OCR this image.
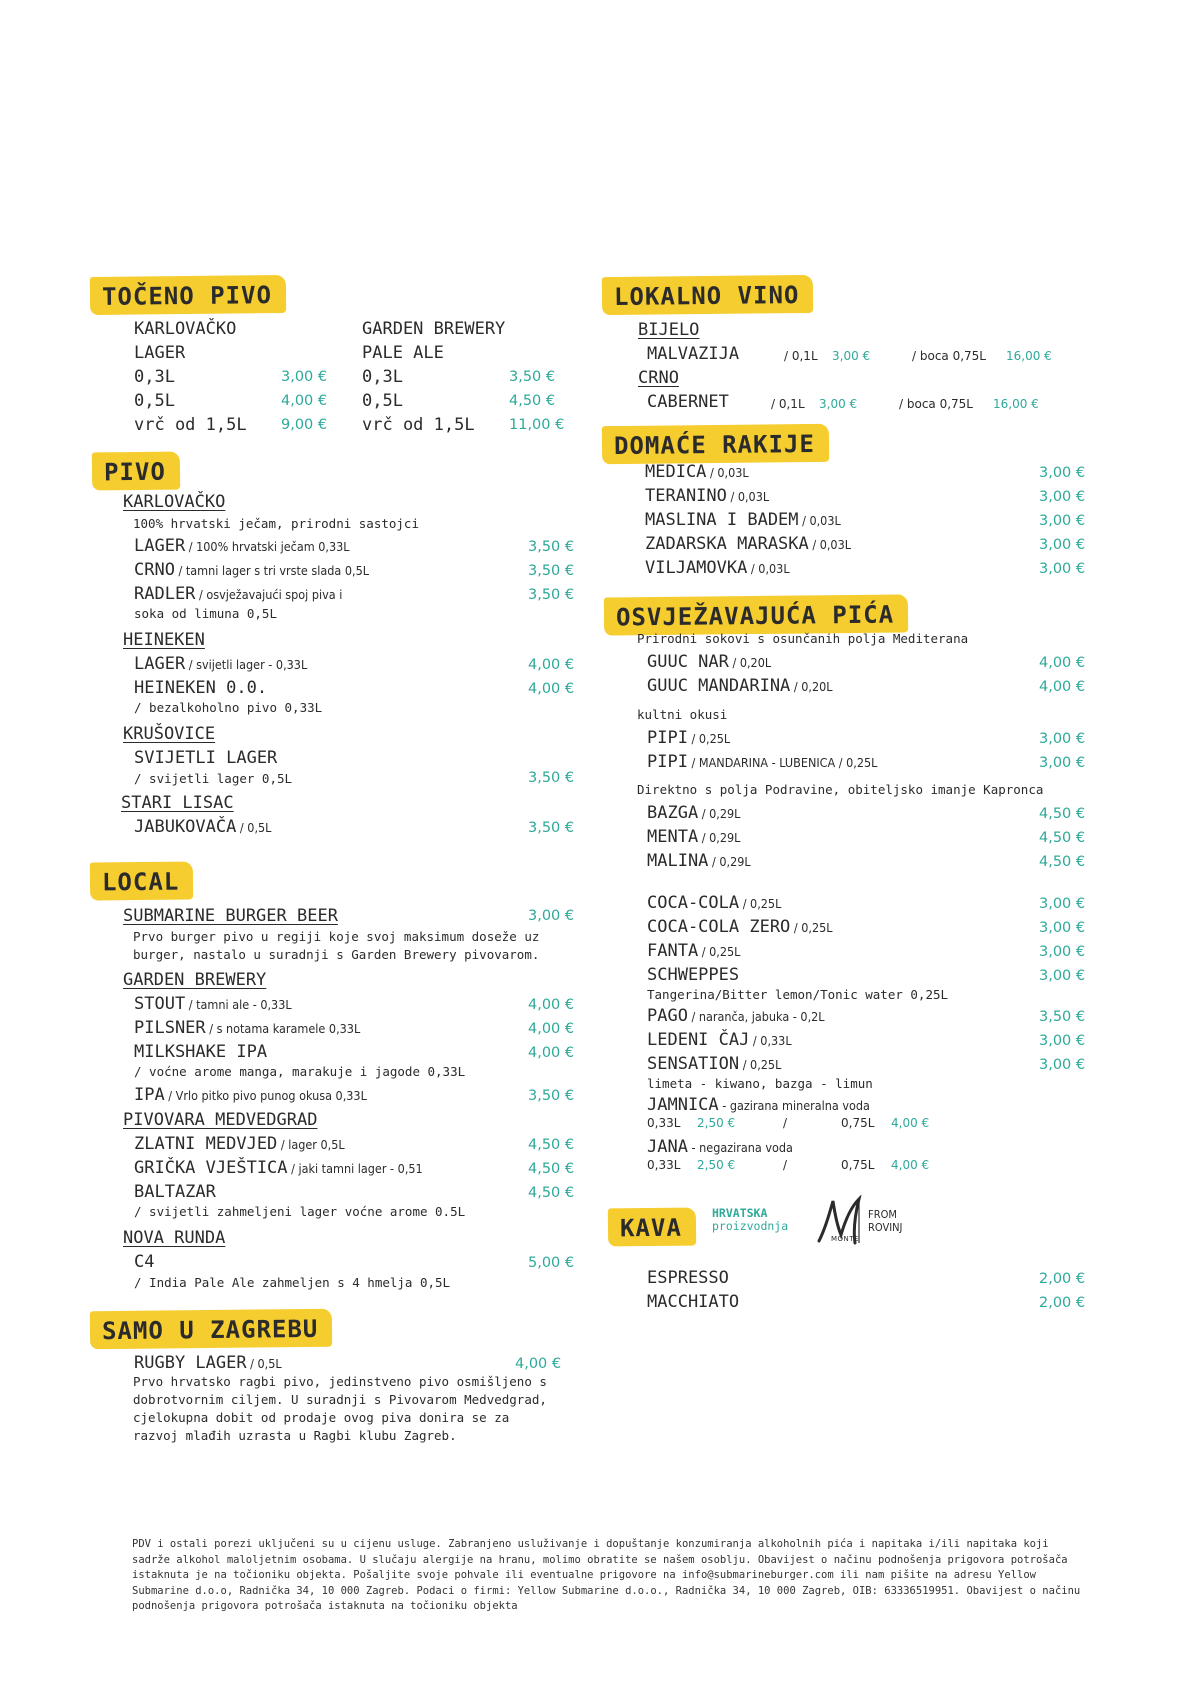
TOČENO PIVO
KARLOVAČKO
LAGER
0,3L	3,00 €
0,5L	4,00 €
vrč od 1,5L 9,00 €
GARDEN BREWERY
PALE ALE
0,3L	3,50 €
0,5L	4,50 €
vrč od 1,5L 11,00 €
PIVO
KARLOVAČKO
100% hrvatski ječam, prirodni sastojci
LAGER / 100% hrvatski ječam 0,33L	3,50 €
CRNO / tamni lager s tri vrste slada 0,5L	3,50 €
RADLER / osvježavajući spoj piva i	3,50 €
soka od limuna 0,5L
HEINEKEN
LAGER / svijetli lager - 0,33L	4,00 €
HEINEKEN 0.0.	4,00 €
/ bezalkoholno pivo 0,33L
KRUŠOVICE
SVIJETLI LAGER
/ svijetli lager 0,5L	3,50 €
STARI LISAC
JABUKOVAČA / 0,5L	3,50 €
LOCAL
SUBMARINE BURGER BEER	3,00 €
Prvo burger pivo u regiji koje svoj maksimum doseže uz
burger, nastalo u suradnji s Garden Brewery pivovarom.
GARDEN BREWERY
STOUT / tamni ale - 0,33L	4,00 €
PILSNER / s notama karamele 0,33L	4,00 €
MILKSHAKE IPA	4,00 €
/ voćne arome manga, marakuje i jagode 0,33L
IPA / Vrlo pitko pivo punog okusa 0,33L	3,50 €
PIVOVARA MEDVEDGRAD
ZLATNI MEDVJED / lager 0,5L	4,50 €
GRIČKA VJEŠTICA / jaki tamni lager - 0,51	4,50 €
BALTAZAR	4,50 €
/ svijetli zahmeljeni lager voćne arome 0.5L
NOVA RUNDA
C4	5,00 €
/ India Pale Ale zahmeljen s 4 hmelja 0,5L
SAMO U ZAGREBU
RUGBY LAGER / 0,5L	4,00 €
Prvo hrvatsko ragbi pivo, jedinstveno pivo osmišljeno s
dobrotvornim ciljem. U suradnji s Pivovarom Medvedgrad,
cjelokupna dobit od prodaje ovog piva donira se za
razvoj mlađih uzrasta u Ragbi klubu Zagreb.
LOKALNO VINO
BIJELO
MALVAZIJA	/ 0,1L 3,00 €	/ boca 0,75L 16,00 €
CRNO
CABERNET	/ 0,1L 3,00 €	/ boca 0,75L 16,00 €
DOMAĆE RAKIJE
MEDICA / 0,03L	3,00 €
TERANINO / 0,03L	3,00 €
MASLINA I BADEM / 0,03L	3,00 €
ZADARSKA MARASKA / 0,03L	3,00 €
VILJAMOVKA / 0,03L	3,00 €
OSVJEŽAVAJUĆA PIĆA
Prirodni sokovi s osunčanih polja Mediterana
GUUC NAR / 0,20L	4,00 €
GUUC MANDARINA / 0,20L	4,00 €
kultni okusi
PIPI / 0,25L	3,00 €
PIPI / MANDARINA - LUBENICA / 0,25L	3,00 €
Direktno s polja Podravine, obiteljsko imanje Kapronca
BAZGA / 0,29L	4,50 €
MENTA / 0,29L	4,50 €
MALINA / 0,29L	4,50 €
COCA-COLA / 0,25L	3,00 €
COCA-COLA ZERO / 0,25L	3,00 €
FANTA / 0,25L	3,00 €
SCHWEPPES	3,00 €
Tangerina/Bitter lemon/Tonic water 0,25L
PAGO / naranča, jabuka - 0,2L	3,50 €
LEDENI ČAJ / 0,33L	3,00 €
SENSATION / 0,25L	3,00 €
limeta - kiwano, bazga - limun
JAMNICA - gazirana mineralna voda
0,33L 2,50 €	/	0,75L 4,00 €
JANA - negazirana voda
0,33L 2,50 €	/	0,75L 4,00 €
KAVA
HRVATSKA
proizvodnja
MONTE
FROM
ROVINJ
ESPRESSO	2,00 €
MACCHIATO	2,00 €
PDV i ostali porezi uključeni su u cijenu usluge. Zabranjeno usluživanje i dopuštanje konzumiranja alkoholnih pića i napitaka i/ili napitaka koji sadrže alkohol maloljetnim osobama. U slučaju alergije na hranu, molimo obratite se našem osoblju. Obavijest o načinu podnošenja prigovora potrošača istaknuta je na točioniku objekta. Pošaljite svoje pohvale ili eventualne prigovore na info@submarineburger.com ili nam pišite na adresu Yellow Submarine d.o.o, Radnička 34, 10 000 Zagreb. Podaci o firmi: Yellow Submarine d.o.o., Radnička 34, 10 000 Zagreb, OIB: 63336519951. Obavijest o načinu podnošenja prigovora potrošača istaknuta na točioniku objekta
